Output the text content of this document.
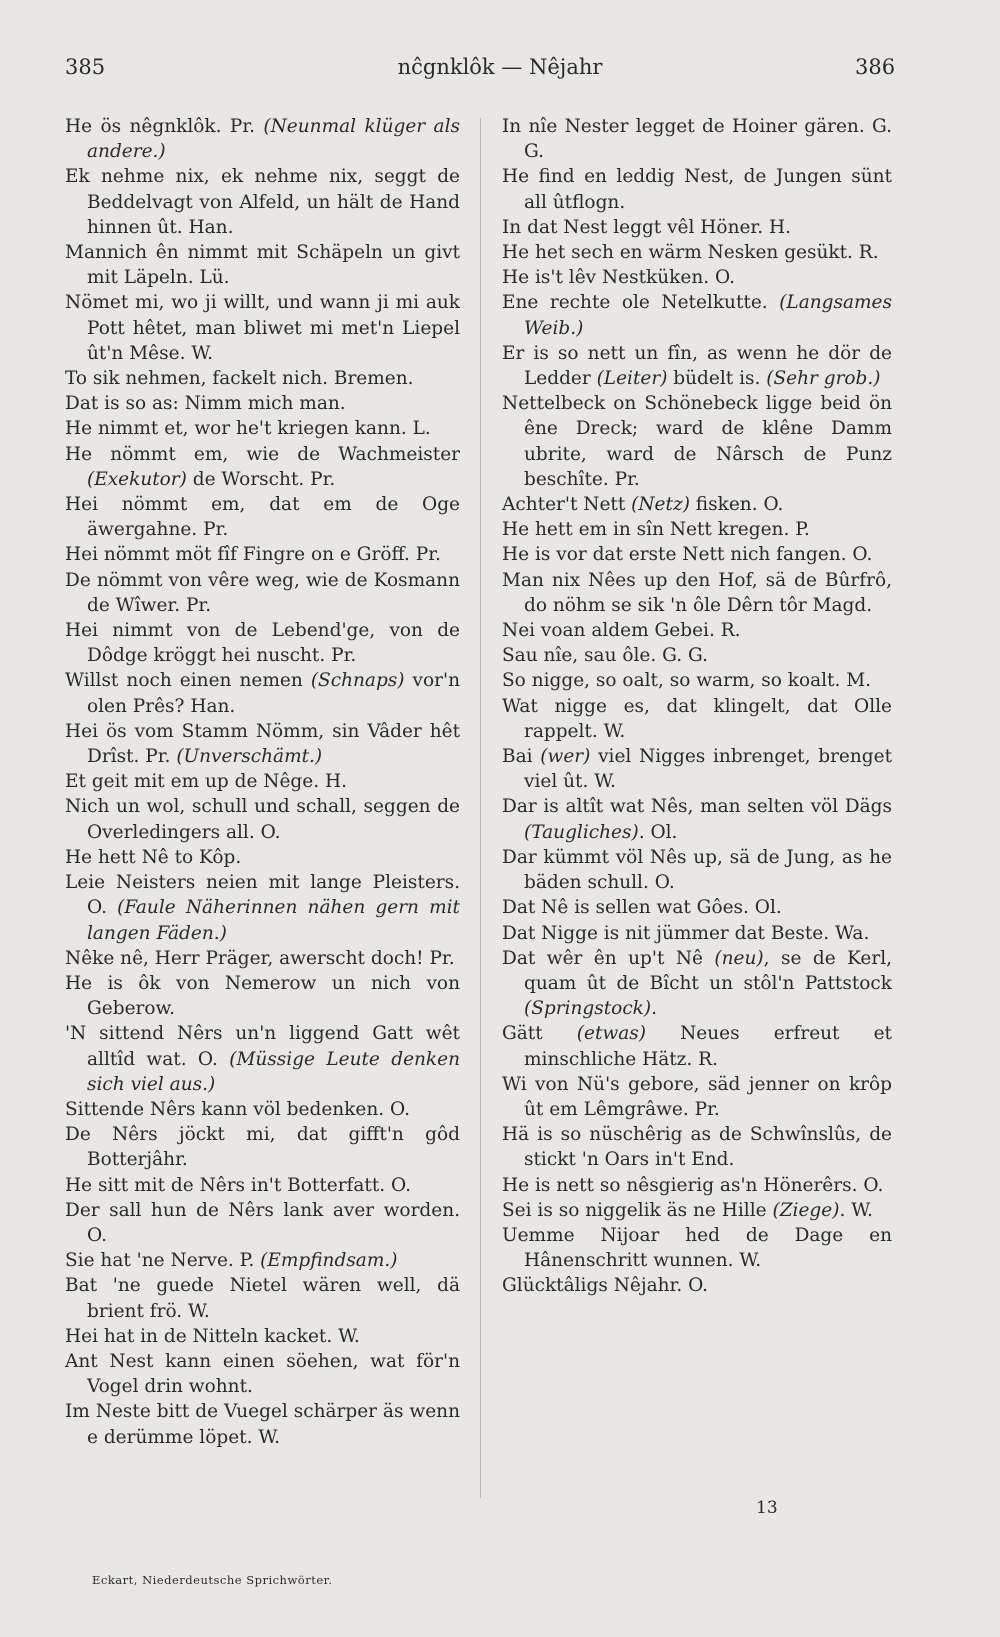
385	nĉgnklôk — Nêjahr	386

He ös nêgnklôk. Pr. (Neunmal klüger als andere.)

Ek nehme nix, ek nehme nix, seggt de Beddelvagt von Alfeld, un hält de Hand hinnen ût. Han.

Mannich ên nimmt mit Schäpeln un givt mit Läpeln. Lü.

Nömet mi, wo ji willt, und wann ji mi auk Pott hêtet, man bliwet mi met'n Liepel ût'n Mêse. W.

To sik nehmen, fackelt nich. Bremen.

Dat is so as: Nimm mich man.

He nimmt et, wor he't kriegen kann. L.

He nömmt em, wie de Wachmeister (Exekutor) de Worscht. Pr.

Hei nömmt em, dat em de Oge äwergahne. Pr.

Hei nömmt möt fîf Fingre on e Gröff. Pr.

De nömmt von vêre weg, wie de Kosmann de Wîwer. Pr.

Hei nimmt von de Lebend'ge, von de Dôdge kröggt hei nuscht. Pr.

Willst noch einen nemen (Schnaps) vor'n olen Prês? Han.

Hei ös vom Stamm Nömm, sin Vâder hêt Drîst. Pr. (Unverschämt.)

Et geit mit em up de Nêge. H.

Nich un wol, schull und schall, seggen de Overledingers all. O.

He hett Nê to Kôp.

Leie Neisters neien mit lange Pleisters. O. (Faule Näherinnen nähen gern mit langen Fäden.)

Nêke nê, Herr Präger, awerscht doch! Pr.

He is ôk von Nemerow un nich von Geberow.

'N sittend Nêrs un'n liggend Gatt wêt alltîd wat. O. (Müssige Leute denken sich viel aus.)

Sittende Nêrs kann völ bedenken. O.

De Nêrs jöckt mi, dat gifft'n gôd Botterjâhr.

He sitt mit de Nêrs in't Botterfatt. O.

Der sall hun de Nêrs lank aver worden. O.

Sie hat 'ne Nerve. P. (Empfindsam.)

Bat 'ne guede Nietel wären well, dä brient frö. W.

Hei hat in de Nitteln kacket. W.

Ant Nest kann einen söehen, wat för'n Vogel drin wohnt.

Im Neste bitt de Vuegel schärper äs wenn e derümme löpet. W.

In nîe Nester legget de Hoiner gären. G. G.

He find en leddig Nest, de Jungen sünt all ûtflogn.

In dat Nest leggt vêl Höner. H.

He het sech en wärm Nesken gesükt. R.

He is't lêv Nestküken. O.

Ene rechte ole Netelkutte. (Langsames Weib.)

Er is so nett un fîn, as wenn he dör de Ledder (Leiter) büdelt is. (Sehr grob.)

Nettelbeck on Schönebeck ligge beid ön êne Dreck; ward de klêne Damm ubrite, ward de Nârsch de Punz beschîte. Pr.

Achter't Nett (Netz) fisken. O.

He hett em in sîn Nett kregen. P.

He is vor dat erste Nett nich fangen. O.

Man nix Nêes up den Hof, sä de Bûrfrô, do nöhm se sik 'n ôle Dêrn tôr Magd.

Nei voan aldem Gebei. R.

Sau nîe, sau ôle. G. G.

So nigge, so oalt, so warm, so koalt. M.

Wat nigge es, dat klingelt, dat Olle rappelt. W.

Bai (wer) viel Nigges inbrenget, brenget viel ût. W.

Dar is altît wat Nês, man selten völ Dägs (Taugliches). Ol.

Dar kümmt völ Nês up, sä de Jung, as he bäden schull. O.

Dat Nê is sellen wat Gôes. Ol.

Dat Nigge is nit jümmer dat Beste. Wa.

Dat wêr ên up't Nê (neu), se de Kerl, quam ût de Bîcht un stôl'n Pattstock (Springstock).

Gätt (etwas) Neues erfreut et minschliche Hätz. R.

Wi von Nü's gebore, säd jenner on krôp ût em Lêmgrâwe. Pr.

Hä is so nüschêrig as de Schwînslûs, de stickt 'n Oars in't End.

He is nett so nêsgierig as'n Hönerêrs. O.

Sei is so niggelik äs ne Hille (Ziege). W.

Uemme Nijoar hed de Dage en Hânenschritt wunnen. W.

Glücktâligs Nêjahr. O.

13
Eckart, Niederdeutsche Sprichwörter.
